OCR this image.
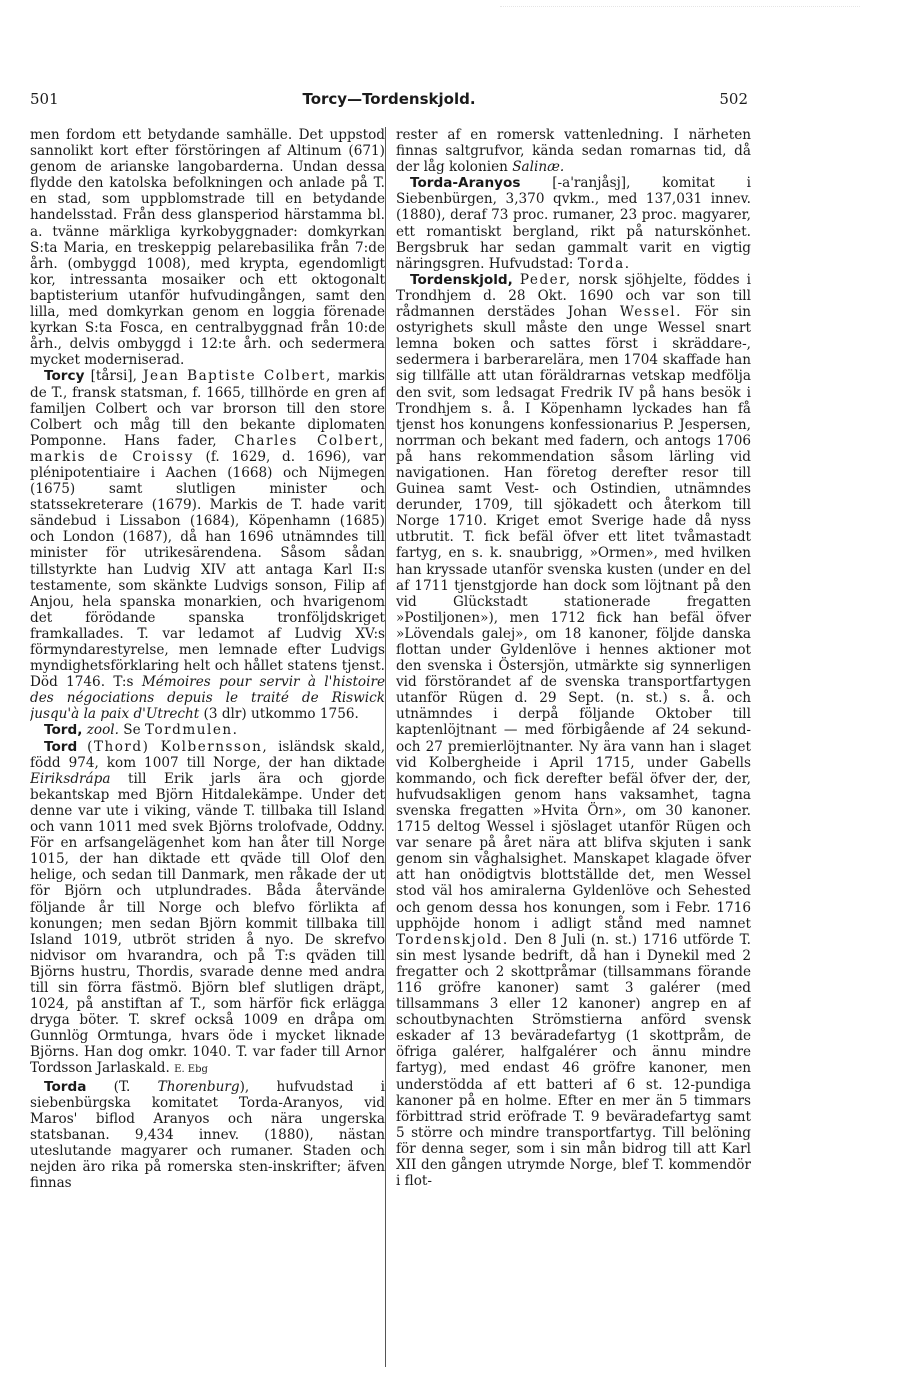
501	Torcy—Tordenskjold.	502

men fordom ett betydande samhälle. Det uppstod sannolikt kort efter förstöringen af Altinum (671) genom de arianske langobarderna. Undan dessa flydde den katolska befolkningen och anlade på T. en stad, som uppblomstrade till en betydande handelsstad. Från dess glansperiod härstamma bl. a. tvänne märkliga kyrkobyggnader: domkyrkan S:ta Maria, en treskeppig pelarebasilika från 7:de årh. (ombyggd 1008), med krypta, egendomligt kor, intressanta mosaiker och ett oktogonalt baptisterium utanför hufvudingången, samt den lilla, med domkyrkan genom en loggia förenade kyrkan S:ta Fosca, en centralbyggnad från 10:de årh., delvis ombyggd i 12:te årh. och sedermera mycket moderniserad.

Torcy [tårsi], Jean Baptiste Colbert, markis de T., fransk statsman, f. 1665, tillhörde en gren af familjen Colbert och var brorson till den store Colbert och måg till den bekante diplomaten Pomponne. Hans fader, Charles Colbert, markis de Croissy (f. 1629, d. 1696), var plénipotentiaire i Aachen (1668) och Nijmegen (1675) samt slutligen minister och statssekreterare (1679). Markis de T. hade varit sändebud i Lissabon (1684), Köpenhamn (1685) och London (1687), då han 1696 utnämndes till minister för utrikesärendena. Såsom sådan tillstyrkte han Ludvig XIV att antaga Karl II:s testamente, som skänkte Ludvigs sonson, Filip af Anjou, hela spanska monarkien, och hvarigenom det förödande spanska tronföljdskriget framkallades. T. var ledamot af Ludvig XV:s förmyndarestyrelse, men lemnade efter Ludvigs myndighetsförklaring helt och hållet statens tjenst. Död 1746. T:s Mémoires pour servir à l'histoire des négociations depuis le traité de Riswick jusqu'à la paix d'Utrecht (3 dlr) utkommo 1756.

Tord, zool. Se Tordmulen.

Tord (Thord) Kolbernsson, isländsk skald, född 974, kom 1007 till Norge, der han diktade Eiriksdrápa till Erik jarls ära och gjorde bekantskap med Björn Hitdalekämpe. Under det denne var ute i viking, vände T. tillbaka till Island och vann 1011 med svek Björns trolofvade, Oddny. För en arfsangelägenhet kom han åter till Norge 1015, der han diktade ett qväde till Olof den helige, och sedan till Danmark, men råkade der ut för Björn och utplundrades. Båda återvände följande år till Norge och blefvo förlikta af konungen; men sedan Björn kommit tillbaka till Island 1019, utbröt striden å nyo. De skrefvo nidvisor om hvarandra, och på T:s qväden till Björns hustru, Thordis, svarade denne med andra till sin förra fästmö. Björn blef slutligen dräpt, 1024, på anstiftan af T., som härför fick erlägga dryga böter. T. skref också 1009 en dråpa om Gunnlög Ormtunga, hvars öde i mycket liknade Björns. Han dog omkr. 1040. T. var fader till Arnor Tordsson Jarlaskald. E. Ebg

Torda (T. Thorenburg), hufvudstad i siebenbürgska komitatet Torda-Aranyos, vid Maros' biflod Aranyos och nära ungerska statsbanan. 9,434 innev. (1880), nästan uteslutande magyarer och rumaner. Staden och nejden äro rika på romerska sten-inskrifter; äfven finnas

rester af en romersk vattenledning. I närheten finnas saltgrufvor, kända sedan romarnas tid, då der låg kolonien Salinæ.

Torda-Aranyos [-a'ranjåsj], komitat i Siebenbürgen, 3,370 qvkm., med 137,031 innev. (1880), deraf 73 proc. rumaner, 23 proc. magyarer, ett romantiskt bergland, rikt på naturskönhet. Bergsbruk har sedan gammalt varit en vigtig näringsgren. Hufvudstad: Torda.

Tordenskjold, Peder, norsk sjöhjelte, föddes i Trondhjem d. 28 Okt. 1690 och var son till rådmannen derstädes Johan Wessel. För sin ostyrighets skull måste den unge Wessel snart lemna boken och sattes först i skräddare-, sedermera i barberarelära, men 1704 skaffade han sig tillfälle att utan föräldrarnas vetskap medfölja den svit, som ledsagat Fredrik IV på hans besök i Trondhjem s. å. I Köpenhamn lyckades han få tjenst hos konungens konfessionarius P. Jespersen, norrman och bekant med fadern, och antogs 1706 på hans rekommendation såsom lärling vid navigationen. Han företog derefter resor till Guinea samt Vest- och Ostindien, utnämndes derunder, 1709, till sjökadett och återkom till Norge 1710. Kriget emot Sverige hade då nyss utbrutit. T. fick befäl öfver ett litet tvåmastadt fartyg, en s. k. snaubrigg, »Ormen», med hvilken han kryssade utanför svenska kusten (under en del af 1711 tjenstgjorde han dock som löjtnant på den vid Glückstadt stationerade fregatten »Postiljonen»), men 1712 fick han befäl öfver »Lövendals galej», om 18 kanoner, följde danska flottan under Gyldenlöve i hennes aktioner mot den svenska i Östersjön, utmärkte sig synnerligen vid förstörandet af de svenska transportfartygen utanför Rügen d. 29 Sept. (n. st.) s. å. och utnämndes i derpå följande Oktober till kaptenlöjtnant — med förbigående af 24 sekund- och 27 premierlöjtnanter. Ny ära vann han i slaget vid Kolbergheide i April 1715, under Gabells kommando, och fick derefter befäl öfver der, der, hufvudsakligen genom hans vaksamhet, tagna svenska fregatten »Hvita Örn», om 30 kanoner. 1715 deltog Wessel i sjöslaget utanför Rügen och var senare på året nära att blifva skjuten i sank genom sin våghalsighet. Manskapet klagade öfver att han onödigtvis blottställde det, men Wessel stod väl hos amiralerna Gyldenlöve och Sehested och genom dessa hos konungen, som i Febr. 1716 upphöjde honom i adligt stånd med namnet Tordenskjold. Den 8 Juli (n. st.) 1716 utförde T. sin mest lysande bedrift, då han i Dynekil med 2 fregatter och 2 skottpråmar (tillsammans förande 116 gröfre kanoner) samt 3 galérer (med tillsammans 3 eller 12 kanoner) angrep en af schoutbynachten Strömstierna anförd svensk eskader af 13 beväradefartyg (1 skottpråm, de öfriga galérer, halfgalérer och ännu mindre fartyg), med endast 46 gröfre kanoner, men understödda af ett batteri af 6 st. 12-pundiga kanoner på en holme. Efter en mer än 5 timmars förbittrad strid eröfrade T. 9 beväradefartyg samt 5 större och mindre transportfartyg. Till belöning för denna seger, som i sin mån bidrog till att Karl XII den gången utrymde Norge, blef T. kommendör i flot-
